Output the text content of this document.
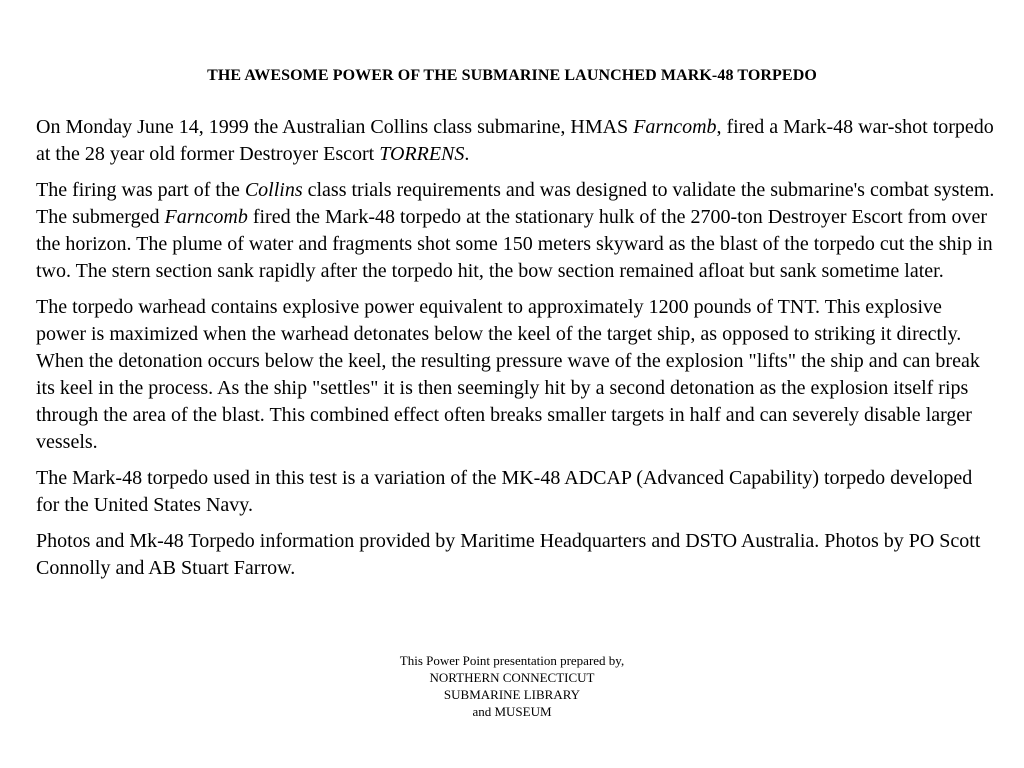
THE AWESOME POWER OF THE SUBMARINE LAUNCHED MARK-48 TORPEDO

On Monday June 14, 1999 the Australian Collins class submarine, HMAS Farncomb, fired a Mark-48 war-shot torpedo at the 28 year old former Destroyer Escort TORRENS.

The firing was part of the Collins class trials requirements and was designed to validate the submarine's combat system. The submerged Farncomb fired the Mark-48 torpedo at the stationary hulk of the 2700-ton Destroyer Escort from over the horizon. The plume of water and fragments shot some 150 meters skyward as the blast of the torpedo cut the ship in two. The stern section sank rapidly after the torpedo hit, the bow section remained afloat but sank sometime later.

The torpedo warhead contains explosive power equivalent to approximately 1200 pounds of TNT. This explosive power is maximized when the warhead detonates below the keel of the target ship, as opposed to striking it directly. When the detonation occurs below the keel, the resulting pressure wave of the explosion "lifts" the ship and can break its keel in the process. As the ship "settles" it is then seemingly hit by a second detonation as the explosion itself rips through the area of the blast. This combined effect often breaks smaller targets in half and can severely disable larger vessels.

The Mark-48 torpedo used in this test is a variation of the MK-48 ADCAP (Advanced Capability) torpedo developed for the United States Navy.

Photos and Mk-48 Torpedo information provided by Maritime Headquarters and DSTO Australia. Photos by PO Scott Connolly and AB Stuart Farrow.

This Power Point presentation prepared by,
NORTHERN CONNECTICUT
SUBMARINE LIBRARY
and MUSEUM
